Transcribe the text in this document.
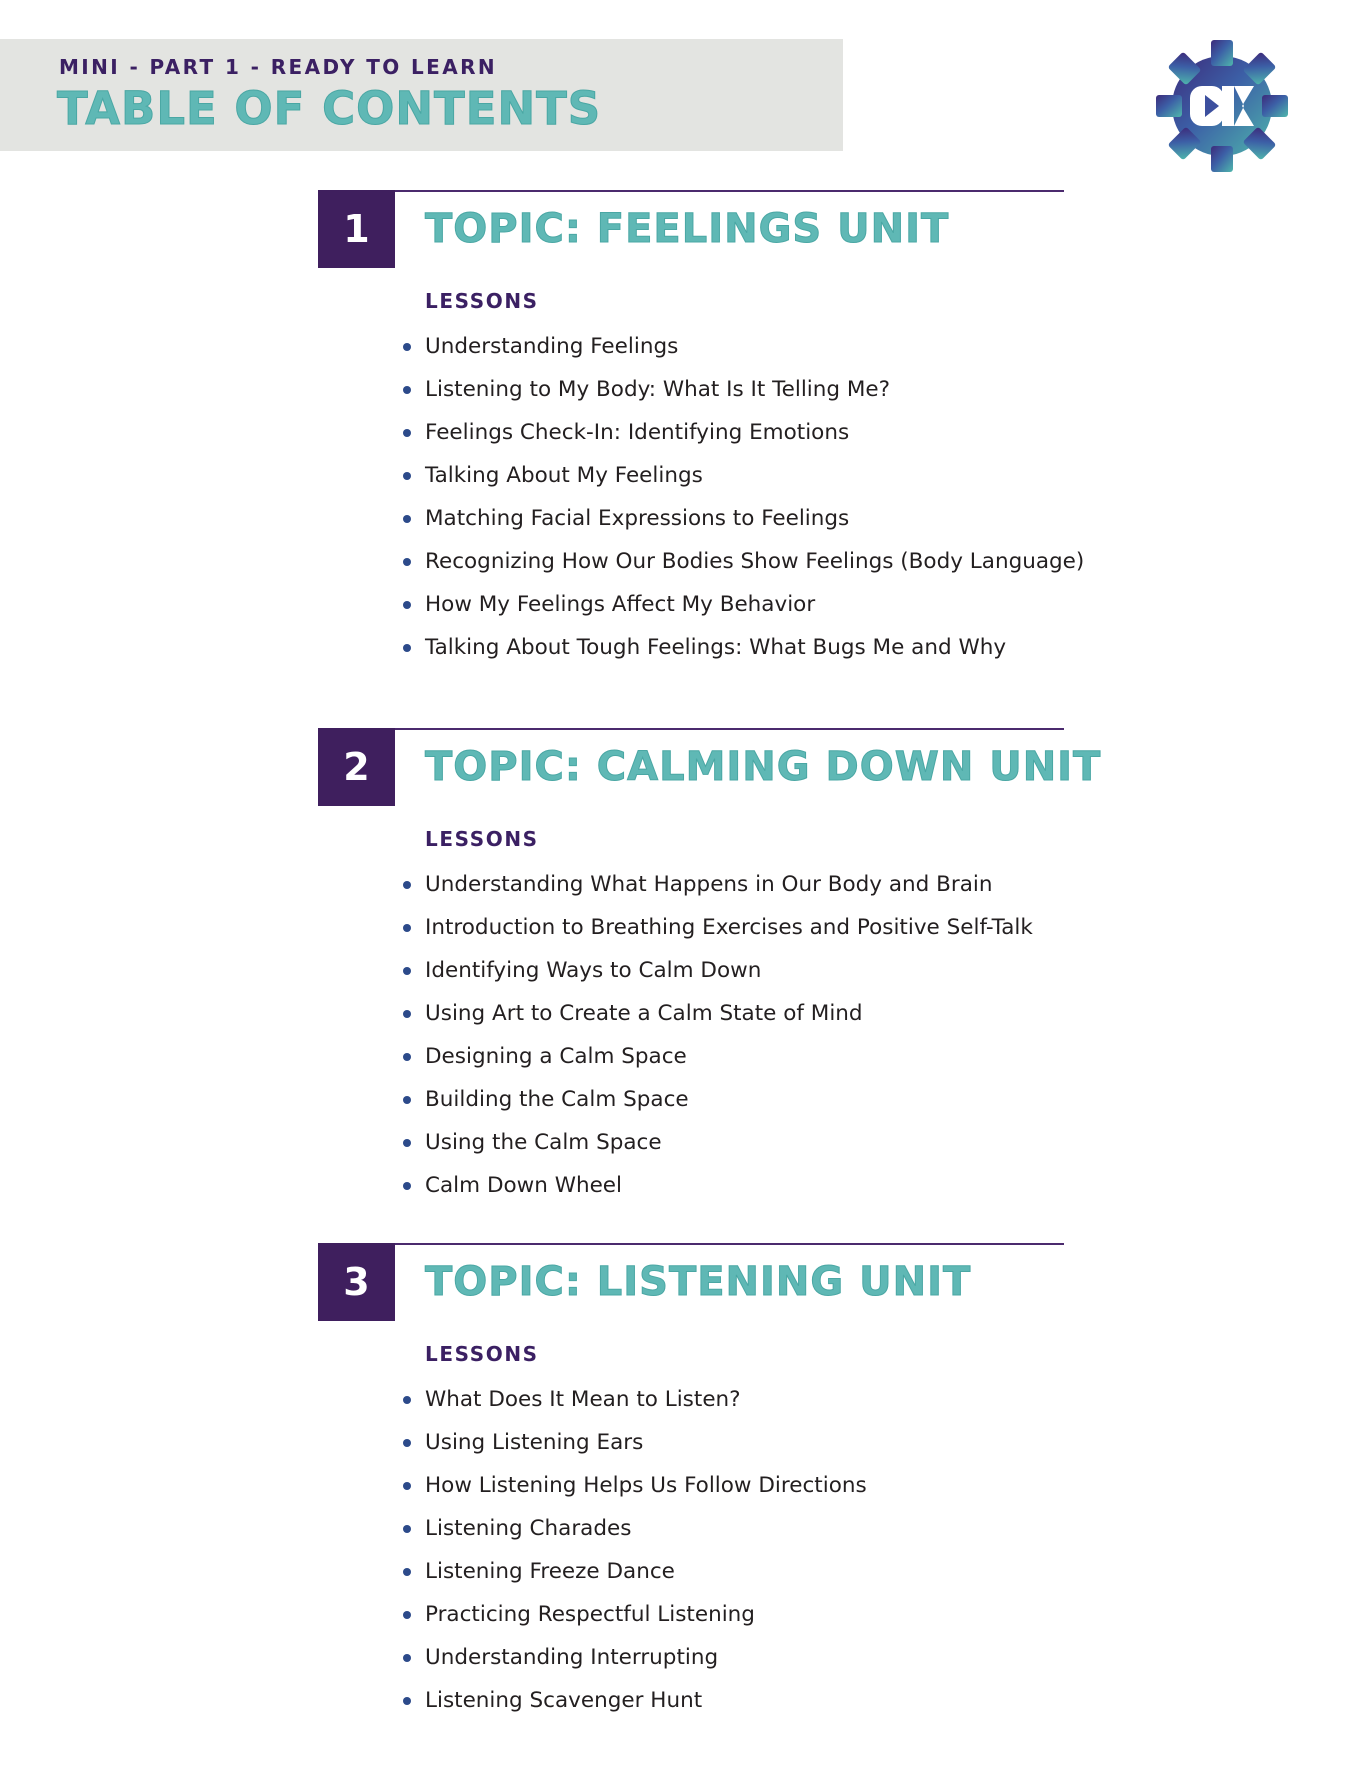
MINI - PART 1 - READY TO LEARN
TABLE OF CONTENTS
1	TOPIC: FEELINGS UNIT
LESSONS
Understanding Feelings
Listening to My Body: What Is It Telling Me?
Feelings Check-In: Identifying Emotions
Talking About My Feelings
Matching Facial Expressions to Feelings
Recognizing How Our Bodies Show Feelings (Body Language)
How My Feelings Affect My Behavior
Talking About Tough Feelings: What Bugs Me and Why
2	TOPIC: CALMING DOWN UNIT
LESSONS
Understanding What Happens in Our Body and Brain
Introduction to Breathing Exercises and Positive Self-Talk
Identifying Ways to Calm Down
Using Art to Create a Calm State of Mind
Designing a Calm Space
Building the Calm Space
Using the Calm Space
Calm Down Wheel
3	TOPIC: LISTENING UNIT
LESSONS
What Does It Mean to Listen?
Using Listening Ears
How Listening Helps Us Follow Directions
Listening Charades
Listening Freeze Dance
Practicing Respectful Listening
Understanding Interrupting
Listening Scavenger Hunt
